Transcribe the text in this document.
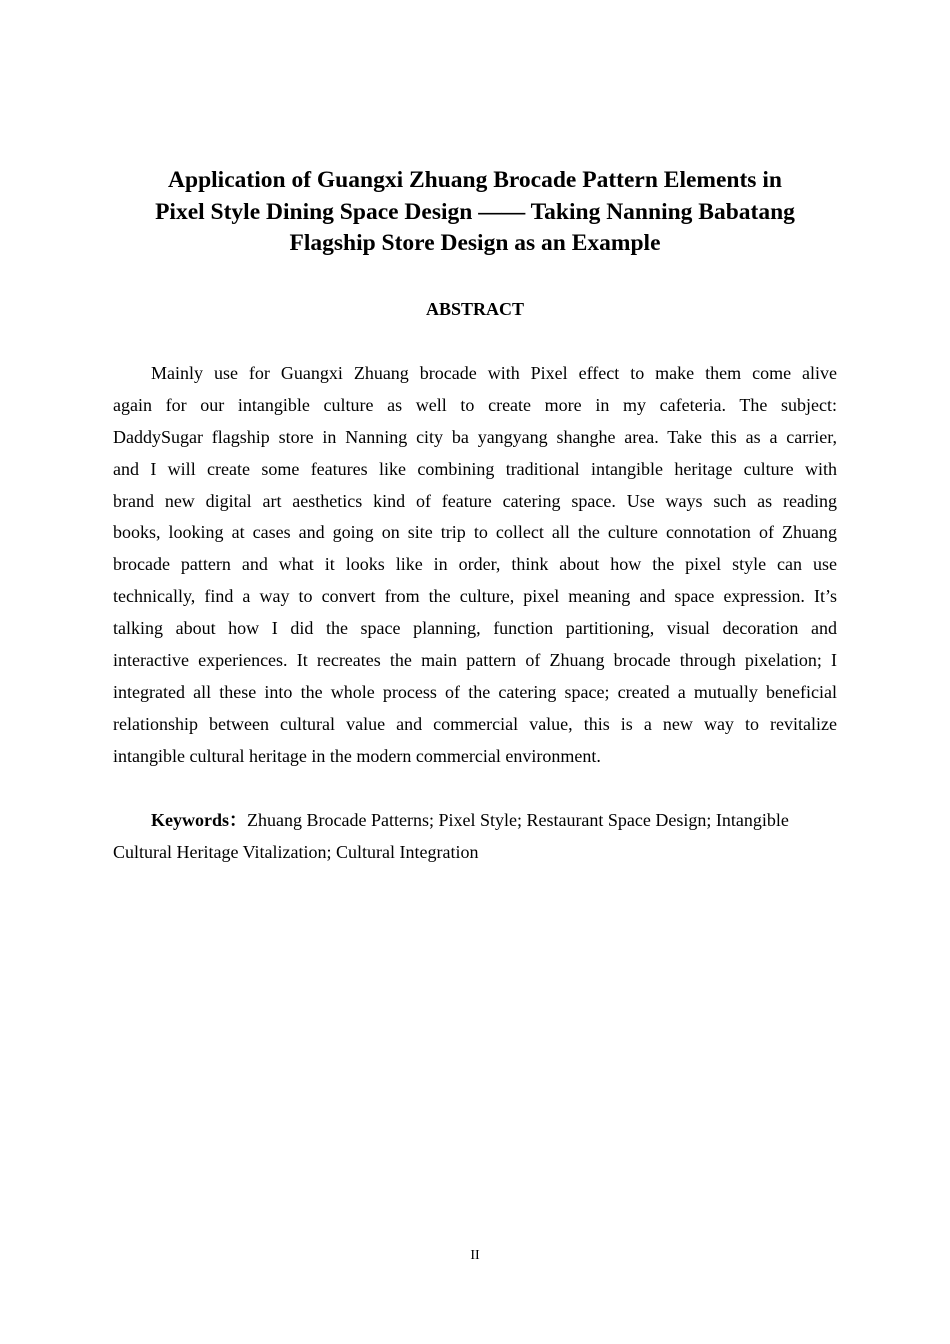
Application of Guangxi Zhuang Brocade Pattern Elements in
Pixel Style Dining Space Design —— Taking Nanning Babatang
Flagship Store Design as an Example
ABSTRACT
Mainly use for Guangxi Zhuang brocade with Pixel effect to make them come alive
again for our intangible culture as well to create more in my cafeteria. The subject:
DaddySugar flagship store in Nanning city ba yangyang shanghe area. Take this as a carrier,
and I will create some features like combining traditional intangible heritage culture with
brand new digital art aesthetics kind of feature catering space. Use ways such as reading
books, looking at cases and going on site trip to collect all the culture connotation of Zhuang
brocade pattern and what it looks like in order, think about how the pixel style can use
technically, find a way to convert from the culture, pixel meaning and space expression. It’s
talking about how I did the space planning, function partitioning, visual decoration and
interactive experiences. It recreates the main pattern of Zhuang brocade through pixelation; I
integrated all these into the whole process of the catering space; created a mutually beneficial
relationship between cultural value and commercial value, this is a new way to revitalize
intangible cultural heritage in the modern commercial environment.
Keywords：Zhuang Brocade Patterns; Pixel Style; Restaurant Space Design; Intangible
Cultural Heritage Vitalization; Cultural Integration
II
